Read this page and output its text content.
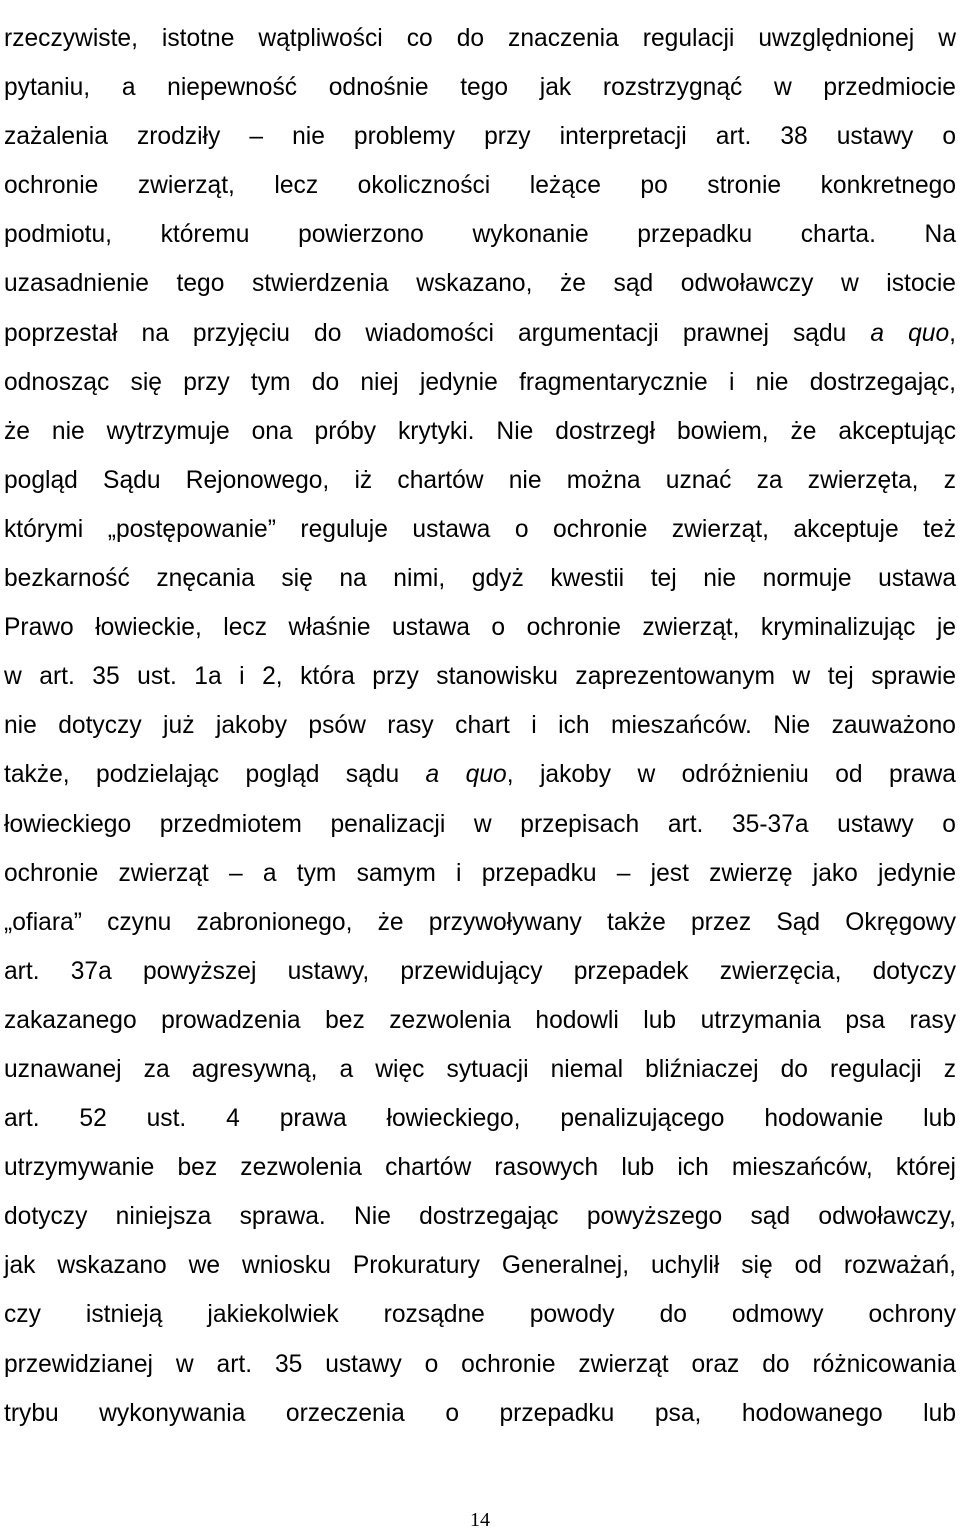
rzeczywiste, istotne wątpliwości co do znaczenia regulacji uwzględnionej w
pytaniu, a niepewność odnośnie tego jak rozstrzygnąć w przedmiocie
zażalenia zrodziły – nie problemy przy interpretacji art. 38 ustawy o
ochronie zwierząt, lecz okoliczności leżące po stronie konkretnego
podmiotu, któremu powierzono wykonanie przepadku charta. Na
uzasadnienie tego stwierdzenia wskazano, że sąd odwoławczy w istocie
poprzestał na przyjęciu do wiadomości argumentacji prawnej sądu a quo,
odnosząc się przy tym do niej jedynie fragmentarycznie i nie dostrzegając,
że nie wytrzymuje ona próby krytyki. Nie dostrzegł bowiem, że akceptując
pogląd Sądu Rejonowego, iż chartów nie można uznać za zwierzęta, z
którymi „postępowanie” reguluje ustawa o ochronie zwierząt, akceptuje też
bezkarność znęcania się na nimi, gdyż kwestii tej nie normuje ustawa
Prawo łowieckie, lecz właśnie ustawa o ochronie zwierząt, kryminalizując je
w art. 35 ust. 1a i 2, która przy stanowisku zaprezentowanym w tej sprawie
nie dotyczy już jakoby psów rasy chart i ich mieszańców. Nie zauważono
także, podzielając pogląd sądu a quo, jakoby w odróżnieniu od prawa
łowieckiego przedmiotem penalizacji w przepisach art. 35-37a ustawy o
ochronie zwierząt – a tym samym i przepadku – jest zwierzę jako jedynie
„ofiara” czynu zabronionego, że przywoływany także przez Sąd Okręgowy
art. 37a powyższej ustawy, przewidujący przepadek zwierzęcia, dotyczy
zakazanego prowadzenia bez zezwolenia hodowli lub utrzymania psa rasy
uznawanej za agresywną, a więc sytuacji niemal bliźniaczej do regulacji z
art. 52 ust. 4 prawa łowieckiego, penalizującego hodowanie lub
utrzymywanie bez zezwolenia chartów rasowych lub ich mieszańców, której
dotyczy niniejsza sprawa. Nie dostrzegając powyższego sąd odwoławczy,
jak wskazano we wniosku Prokuratury Generalnej, uchylił się od rozważań,
czy istnieją jakiekolwiek rozsądne powody do odmowy ochrony
przewidzianej w art. 35 ustawy o ochronie zwierząt oraz do różnicowania
trybu wykonywania orzeczenia o przepadku psa, hodowanego lub
14
